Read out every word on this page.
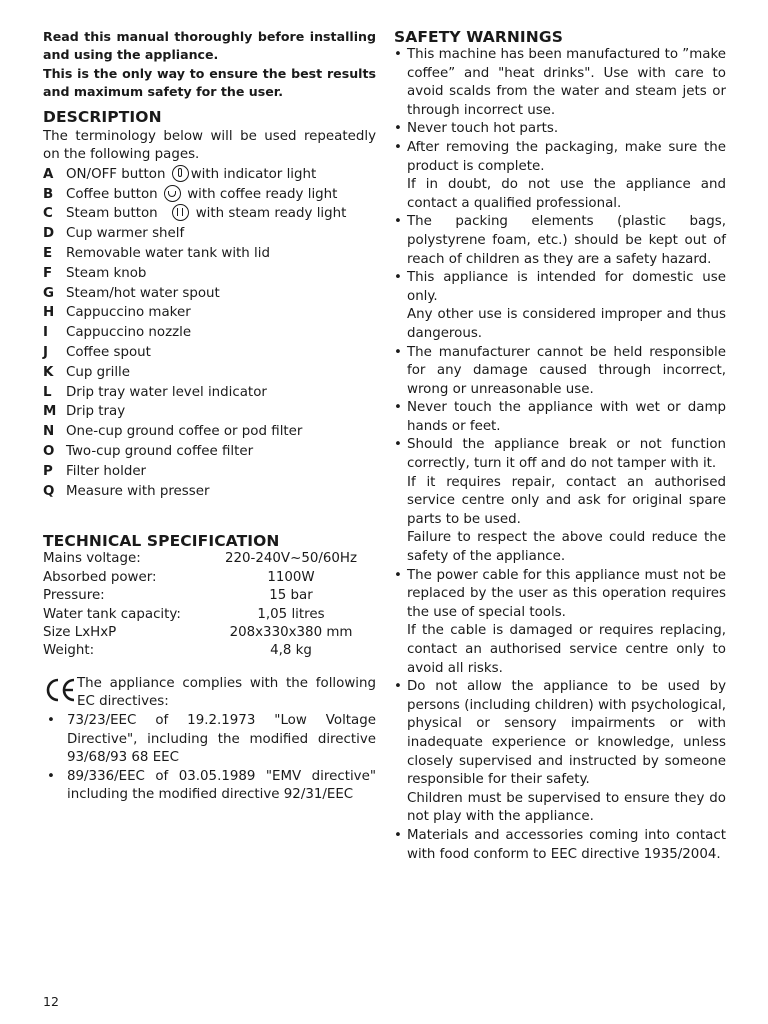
Read this manual thoroughly before installing and using the appliance.

This is the only way to ensure the best results and maximum safety for the user.

DESCRIPTION

The terminology below will be used repeatedly on the following pages.

A ON/OFF button with indicator light
B Coffee button with coffee ready light
C Steam button	with steam ready light
D Cup warmer shelf
E	Removable water tank with lid
F	Steam knob
G Steam/hot water spout
H Cappuccino maker
I	Cappuccino nozzle
J	Coffee spout
K Cup grille
L	Drip tray water level indicator
M Drip tray
N One-cup ground coffee or pod filter
O Two-cup ground coffee filter
P Filter holder
Q Measure with presser
TECHNICAL SPECIFICATION
Mains voltage:	220-240V~50/60Hz
Absorbed power:	1100W
Pressure:	15 bar
Water tank capacity:	1,05 litres
Size LxHxP	208x330x380 mm
Weight:	4,8 kg
The appliance complies with the following EC directives:
• 73/23/EEC of 19.2.1973 "Low Voltage Directive", including the modified directive 93/68/93 68 EEC
• 89/336/EEC of 03.05.1989 "EMV directive" including the modified directive 92/31/EEC
SAFETY WARNINGS
• This machine has been manufactured to ”make coffee” and "heat drinks". Use with care to avoid scalds from the water and steam jets or through incorrect use.
• Never touch hot parts.
• After removing the packaging, make sure the product is complete.
If in doubt, do not use the appliance and contact a qualified professional.
• The packing elements (plastic bags, polystyrene foam, etc.) should be kept out of reach of children as they are a safety hazard.
• This appliance is intended for domestic use only.
Any other use is considered improper and thus dangerous.
• The manufacturer cannot be held responsible for any damage caused through incorrect, wrong or unreasonable use.
• Never touch the appliance with wet or damp hands or feet.
• Should the appliance break or not function correctly, turn it off and do not tamper with it.
If it requires repair, contact an authorised service centre only and ask for original spare parts to be used.
Failure to respect the above could reduce the safety of the appliance.
• The power cable for this appliance must not be replaced by the user as this operation requires the use of special tools.
If the cable is damaged or requires replacing, contact an authorised service centre only to avoid all risks.
• Do not allow the appliance to be used by persons (including children) with psychological, physical or sensory impairments or with inadequate experience or knowledge, unless closely supervised and instructed by someone responsible for their safety.
Children must be supervised to ensure they do not play with the appliance.
• Materials and accessories coming into contact with food conform to EEC directive 1935/2004.
12
